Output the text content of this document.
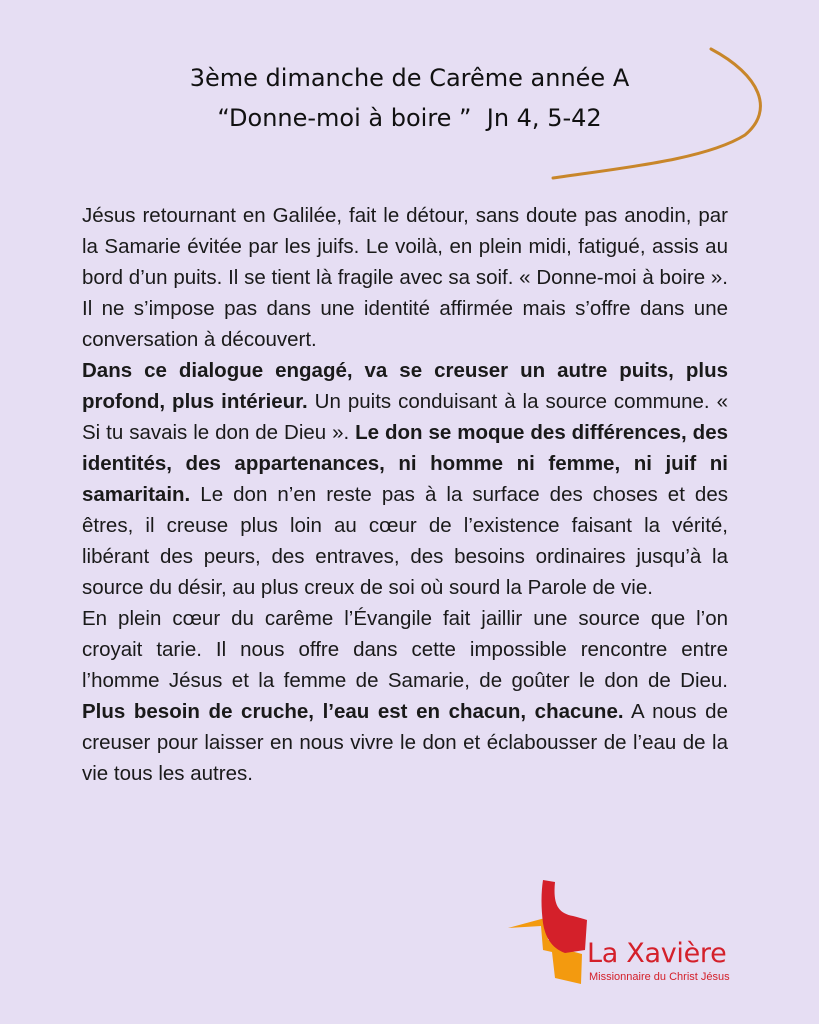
3ème dimanche de Carême année A
“Donne-moi à boire ”  Jn 4, 5-42

Jésus retournant en Galilée, fait le détour, sans doute pas anodin, par la Samarie évitée par les juifs. Le voilà, en plein midi, fatigué, assis au bord d’un puits. Il se tient là fragile avec sa soif. « Donne-moi à boire ». Il ne s’impose pas dans une identité affirmée mais s’offre dans une conversation à découvert.

Dans ce dialogue engagé, va se creuser un autre puits, plus profond, plus intérieur. Un puits conduisant à la source commune. « Si tu savais le don de Dieu ». Le don se moque des différences, des identités, des appartenances, ni homme ni femme, ni juif ni samaritain. Le don n’en reste pas à la surface des choses et des êtres, il creuse plus loin au cœur de l’existence faisant la vérité, libérant des peurs, des entraves, des besoins ordinaires jusqu’à la source du désir, au plus creux de soi où sourd la Parole de vie.

En plein cœur du carême l’Évangile fait jaillir une source que l’on croyait tarie. Il nous offre dans cette impossible rencontre entre l’homme Jésus et la femme de Samarie, de goûter le don de Dieu. Plus besoin de cruche, l’eau est en chacun, chacune. A nous de creuser pour laisser en nous vivre le don et éclabousser de l’eau de la vie tous les autres.

La Xavière
Missionnaire du Christ Jésus
